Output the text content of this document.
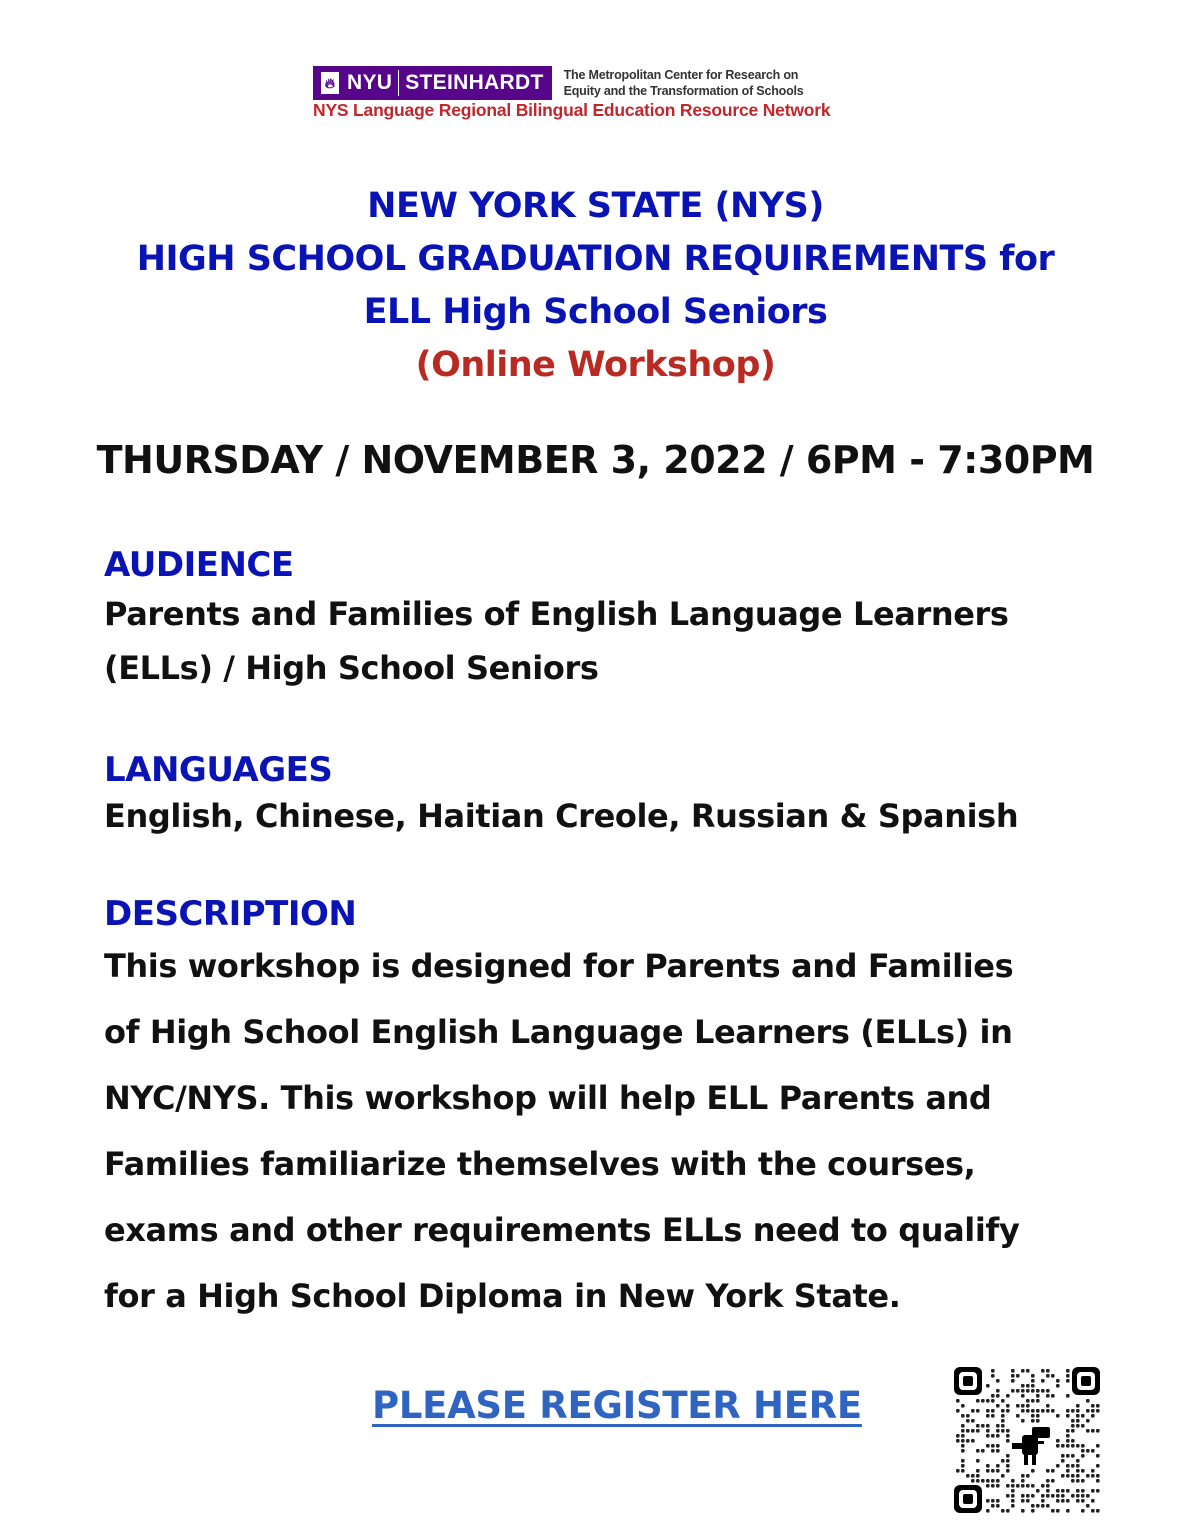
🔥︎ NYU STEINHARDT The Metropolitan Center for Research on
Equity and the Transformation of Schools
NYS Language Regional Bilingual Education Resource Network
NEW YORK STATE (NYS)
HIGH SCHOOL GRADUATION REQUIREMENTS for
ELL High School Seniors
(Online Workshop)
THURSDAY / NOVEMBER 3, 2022 / 6PM - 7:30PM
AUDIENCE
Parents and Families of English Language Learners
(ELLs) / High School Seniors
LANGUAGES
English, Chinese, Haitian Creole, Russian & Spanish
DESCRIPTION
This workshop is designed for Parents and Families
of High School English Language Learners (ELLs) in
NYC/NYS. This workshop will help ELL Parents and
Families familiarize themselves with the courses,
exams and other requirements ELLs need to qualify
for a High School Diploma in New York State.
PLEASE REGISTER HERE
